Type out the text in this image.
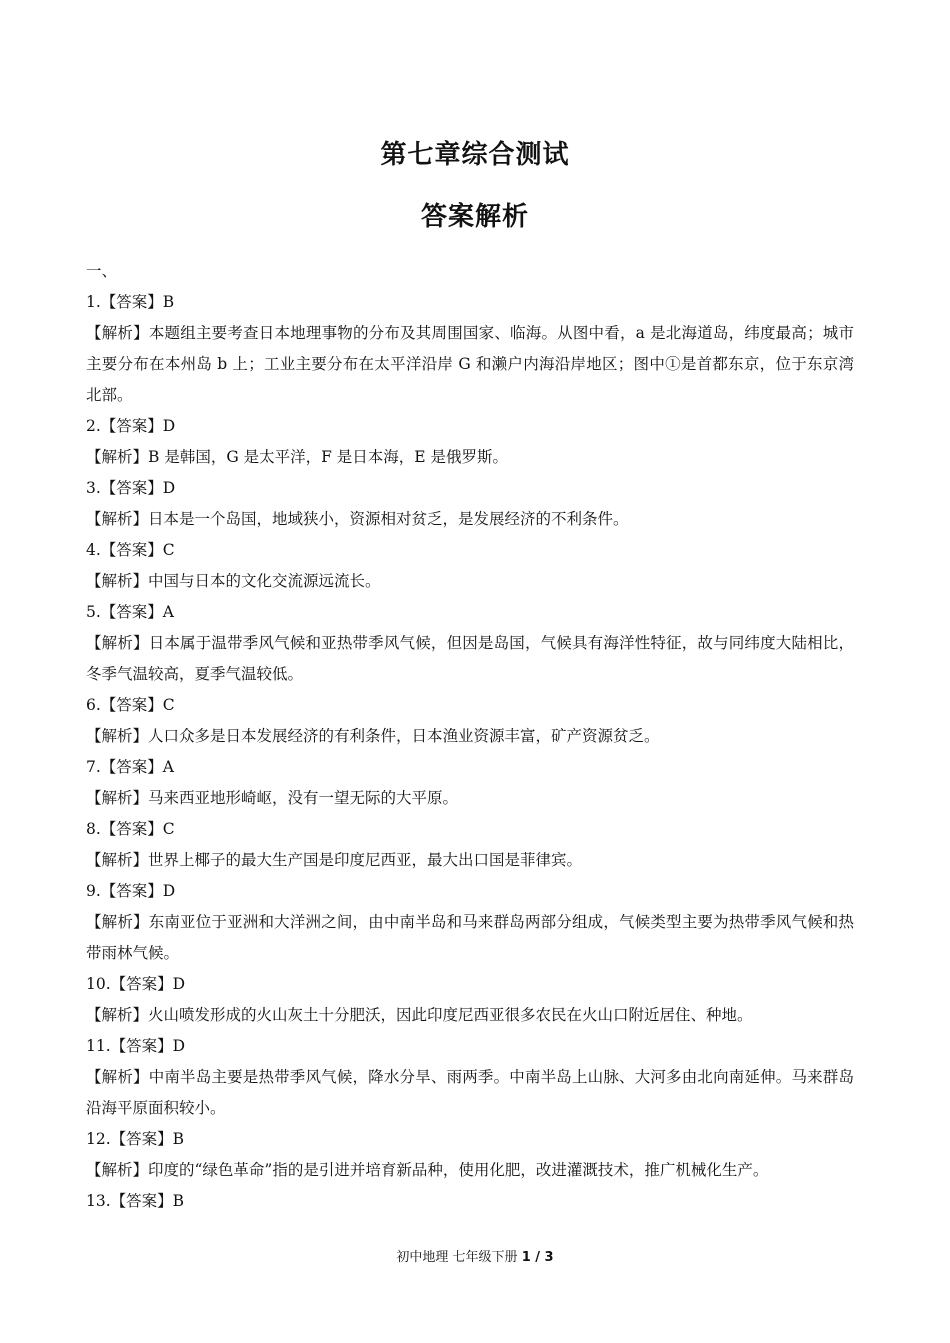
第七章综合测试
答案解析
一、
1.【答案】B
【解析】本题组主要考查日本地理事物的分布及其周围国家、临海。从图中看，a 是北海道岛，纬度最高；城市主要分布在本州岛 b 上；工业主要分布在太平洋沿岸 G 和濑户内海沿岸地区；图中①是首都东京，位于东京湾北部。
2.【答案】D
【解析】B 是韩国，G 是太平洋，F 是日本海，E 是俄罗斯。
3.【答案】D
【解析】日本是一个岛国，地域狭小，资源相对贫乏，是发展经济的不利条件。
4.【答案】C
【解析】中国与日本的文化交流源远流长。
5.【答案】A
【解析】日本属于温带季风气候和亚热带季风气候，但因是岛国，气候具有海洋性特征，故与同纬度大陆相比，冬季气温较高，夏季气温较低。
6.【答案】C
【解析】人口众多是日本发展经济的有利条件，日本渔业资源丰富，矿产资源贫乏。
7.【答案】A
【解析】马来西亚地形崎岖，没有一望无际的大平原。
8.【答案】C
【解析】世界上椰子的最大生产国是印度尼西亚，最大出口国是菲律宾。
9.【答案】D
【解析】东南亚位于亚洲和大洋洲之间，由中南半岛和马来群岛两部分组成，气候类型主要为热带季风气候和热带雨林气候。
10.【答案】D
【解析】火山喷发形成的火山灰土十分肥沃，因此印度尼西亚很多农民在火山口附近居住、种地。
11.【答案】D
【解析】中南半岛主要是热带季风气候，降水分旱、雨两季。中南半岛上山脉、大河多由北向南延伸。马来群岛沿海平原面积较小。
12.【答案】B
【解析】印度的“绿色革命”指的是引进并培育新品种，使用化肥，改进灌溉技术，推广机械化生产。
13.【答案】B
初中地理 七年级下册 1 / 3
